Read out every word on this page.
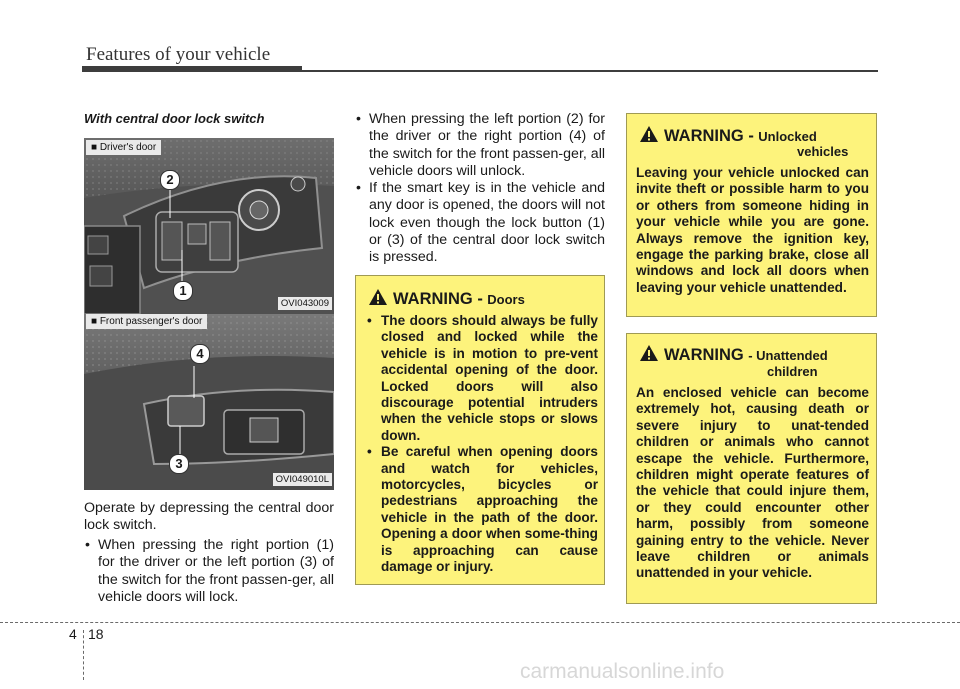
Features of your vehicle
With central door lock switch
2
1
■ Driver's door
OVI043009
4
3
■ Front passenger's door
OVI049010L
Operate by depressing the central door lock switch.
• When pressing the right portion (1) for the driver or the left portion (3) of the switch for the front passen-ger, all vehicle doors will lock.
• When pressing the left portion (2) for the driver or the right portion (4) of the switch for the front passen-ger, all vehicle doors will unlock.
• If the smart key is in the vehicle and any door is opened, the doors will not lock even though the lock button (1) or (3) of the central door lock switch is pressed.
WARNING - Doors
• The doors should always be fully closed and locked while the vehicle is in motion to pre-vent accidental opening of the door. Locked doors will also discourage potential intruders when the vehicle stops or slows down.
• Be careful when opening doors and watch for vehicles, motorcycles, bicycles or pedestrians approaching the vehicle in the path of the door. Opening a door when some-thing is approaching can cause damage or injury.
WARNING - Unlocked
vehicles
Leaving your vehicle unlocked can invite theft or possible harm to you or others from someone hiding in your vehicle while you are gone. Always remove the ignition key, engage the parking brake, close all windows and lock all doors when leaving your vehicle unattended.
WARNING - Unattended
children
An enclosed vehicle can become extremely hot, causing death or severe injury to unat-tended children or animals who cannot escape the vehicle. Furthermore, children might operate features of the vehicle that could injure them, or they could encounter other harm, possibly from someone gaining entry to the vehicle. Never leave children or animals unattended in your vehicle.
4 18
carmanualsonline.info
